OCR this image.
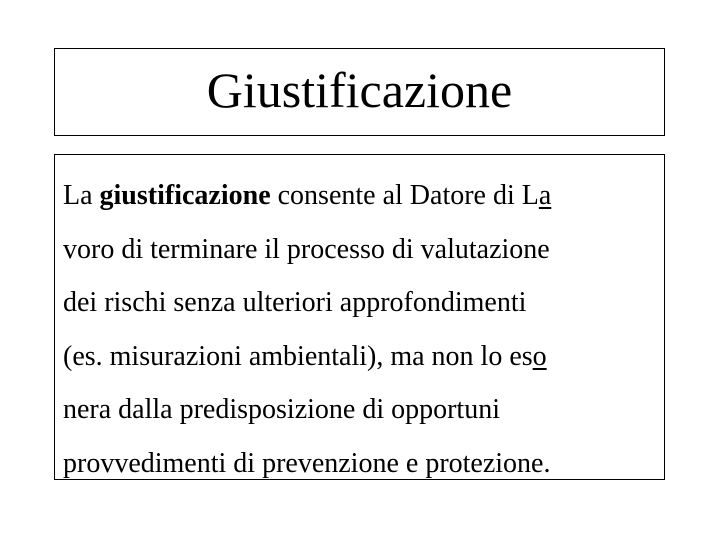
Giustificazione
La giustificazione consente al Datore di La
voro di terminare il processo di valutazione
dei rischi senza ulteriori approfondimenti
(es. misurazioni ambientali), ma non lo eso
nera dalla predisposizione di opportuni
provvedimenti di prevenzione e protezione.
